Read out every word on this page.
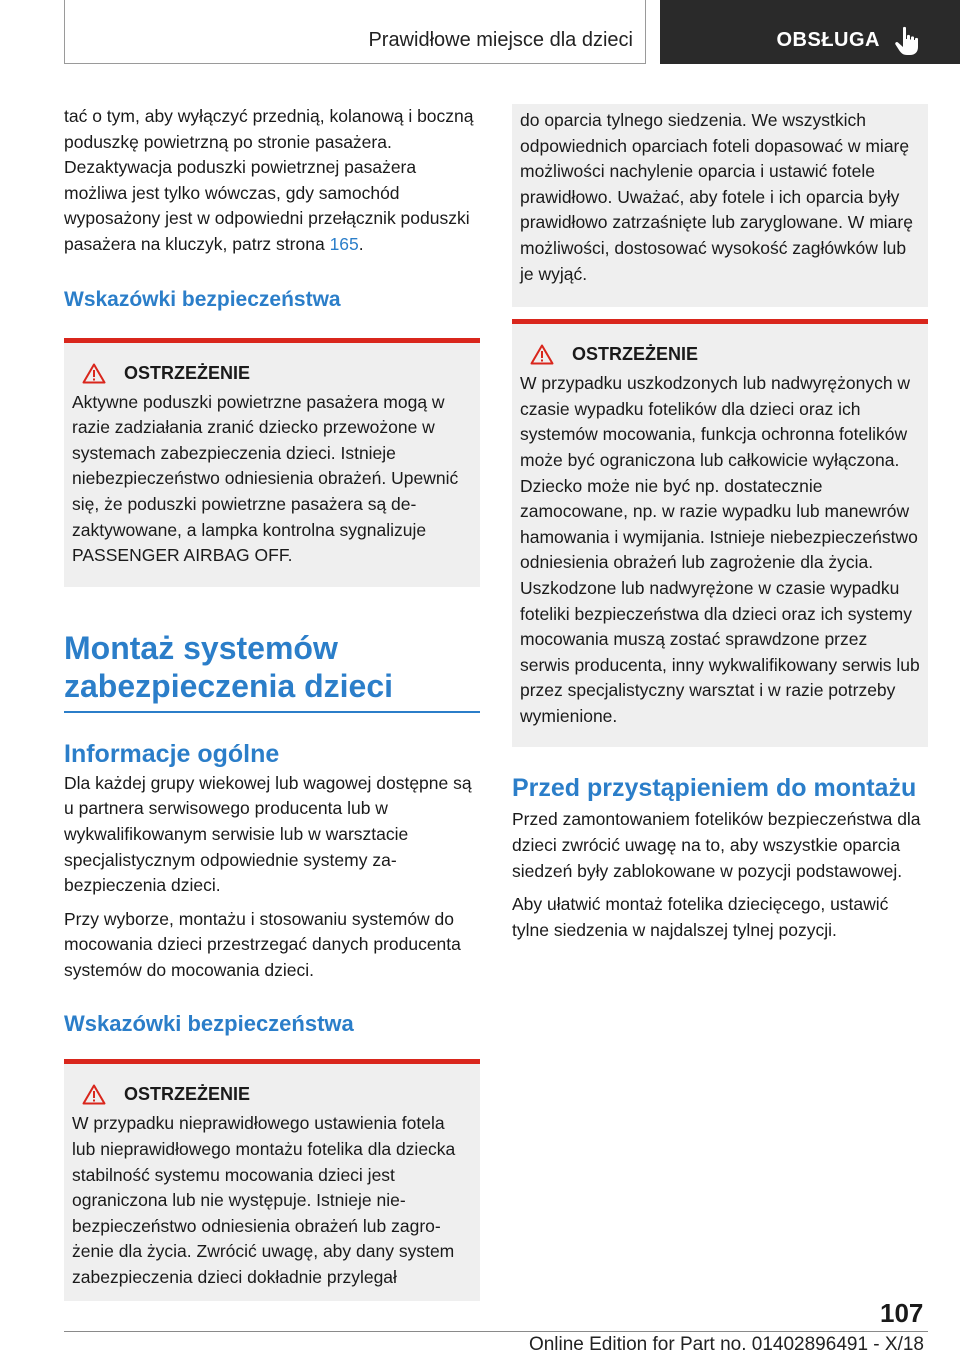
Prawidłowe miejsce dla dzieci	OBSŁUGA

tać o tym, aby wyłączyć przednią, kolanową i boczną poduszkę powietrzną po stronie pasażera. Dezaktywacja poduszki powietrznej pasażera możliwa jest tylko wówczas, gdy samochód wyposażony jest w odpowiedni przełącznik poduszki pasażera na kluczyk, patrz strona 165.

Wskazówki bezpieczeństwa
OSTRZEŻENIE

Aktywne poduszki powietrzne pasażera mogą w razie zadziałania zranić dziecko przewożone w systemach zabezpieczenia dzieci. Istnieje niebezpieczeństwo odniesienia obrażeń. Upewnić się, że poduszki powietrzne pasażera są dezaktywowane, a lampka kontrolna sygnalizuje PASSENGER AIRBAG OFF.

Montaż systemów zabezpieczenia dzieci
Informacje ogólne

Dla każdej grupy wiekowej lub wagowej dostępne są u partnera serwisowego producenta lub w wykwalifikowanym serwisie lub w warsztacie specjalistycznym odpowiednie systemy zabezpieczenia dzieci.

Przy wyborze, montażu i stosowaniu systemów do mocowania dzieci przestrzegać danych producenta systemów do mocowania dzieci.

Wskazówki bezpieczeństwa
OSTRZEŻENIE

W przypadku nieprawidłowego ustawienia fotela lub nieprawidłowego montażu fotelika dla dziecka stabilność systemu mocowania dzieci jest ograniczona lub nie występuje. Istnieje niebezpieczeństwo odniesienia obrażeń lub zagrożenie dla życia. Zwrócić uwagę, aby dany system zabezpieczenia dzieci dokładnie przylegał

do oparcia tylnego siedzenia. We wszystkich odpowiednich oparciach foteli dopasować w miarę możliwości nachylenie oparcia i ustawić fotele prawidłowo. Uważać, aby fotele i ich oparcia były prawidłowo zatrzaśnięte lub zaryglowane. W miarę możliwości, dostosować wysokość zagłówków lub je wyjąć.

OSTRZEŻENIE

W przypadku uszkodzonych lub nadwyrężonych w czasie wypadku fotelików dla dzieci oraz ich systemów mocowania, funkcja ochronna fotelików może być ograniczona lub całkowicie wyłączona. Dziecko może nie być np. dostatecznie zamocowane, np. w razie wypadku lub manewrów hamowania i wymijania. Istnieje niebezpieczeństwo odniesienia obrażeń lub zagrożenie dla życia. Uszkodzone lub nadwyrężone w czasie wypadku foteliki bezpieczeństwa dla dzieci oraz ich systemy mocowania muszą zostać sprawdzone przez serwis producenta, inny wykwalifikowany serwis lub przez specjalistyczny warsztat i w razie potrzeby wymienione.

Przed przystąpieniem do montażu

Przed zamontowaniem fotelików bezpieczeństwa dla dzieci zwrócić uwagę na to, aby wszystkie oparcia siedzeń były zablokowane w pozycji podstawowej.

Aby ułatwić montaż fotelika dziecięcego, ustawić tylne siedzenia w najdalszej tylnej pozycji.

107
Online Edition for Part no. 01402896491 - X/18
